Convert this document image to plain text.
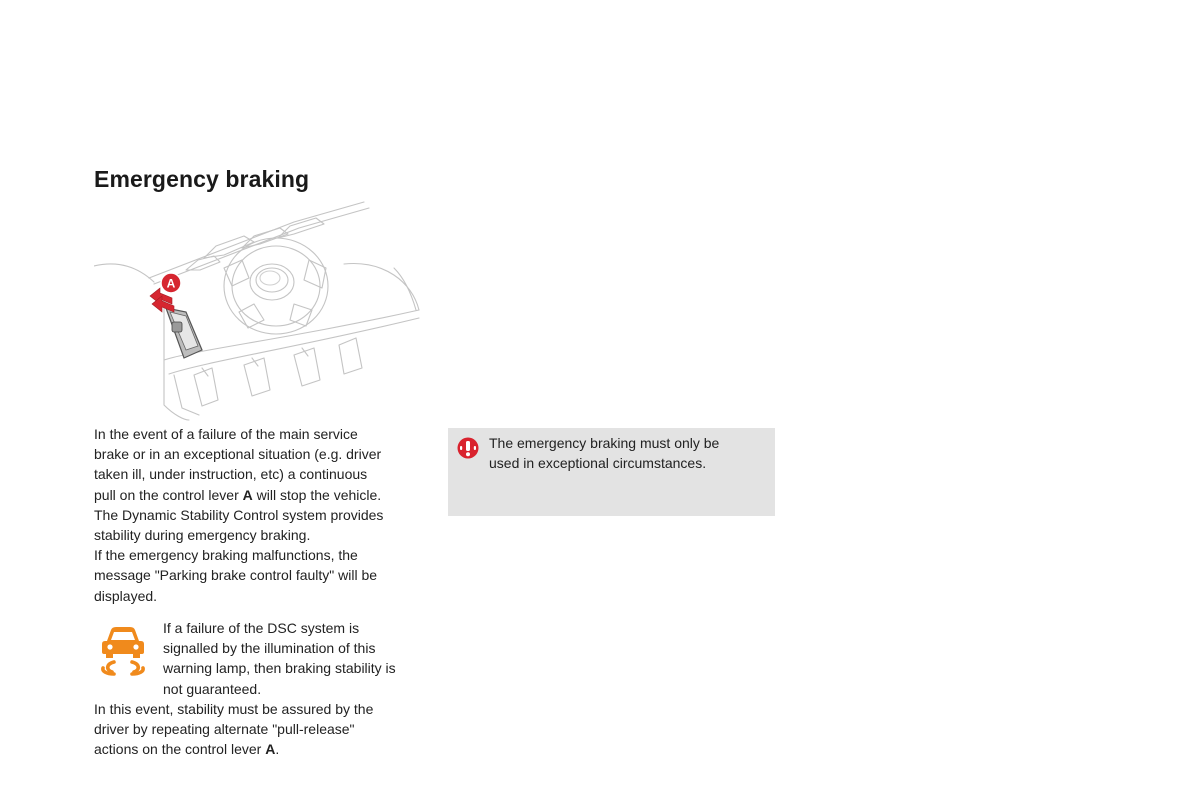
Emergency braking
A

In the event of a failure of the main service

brake or in an exceptional situation (e.g. driver

taken ill, under instruction, etc) a continuous

pull on the control lever A will stop the vehicle.

The Dynamic Stability Control system provides

stability during emergency braking.

If the emergency braking malfunctions, the

message "Parking brake control faulty" will be

displayed.

If a failure of the DSC system is

signalled by the illumination of this

warning lamp, then braking stability is

not guaranteed.

In this event, stability must be assured by the

driver by repeating alternate "pull-release"

actions on the control lever A.

The emergency braking must only be

used in exceptional circumstances.
